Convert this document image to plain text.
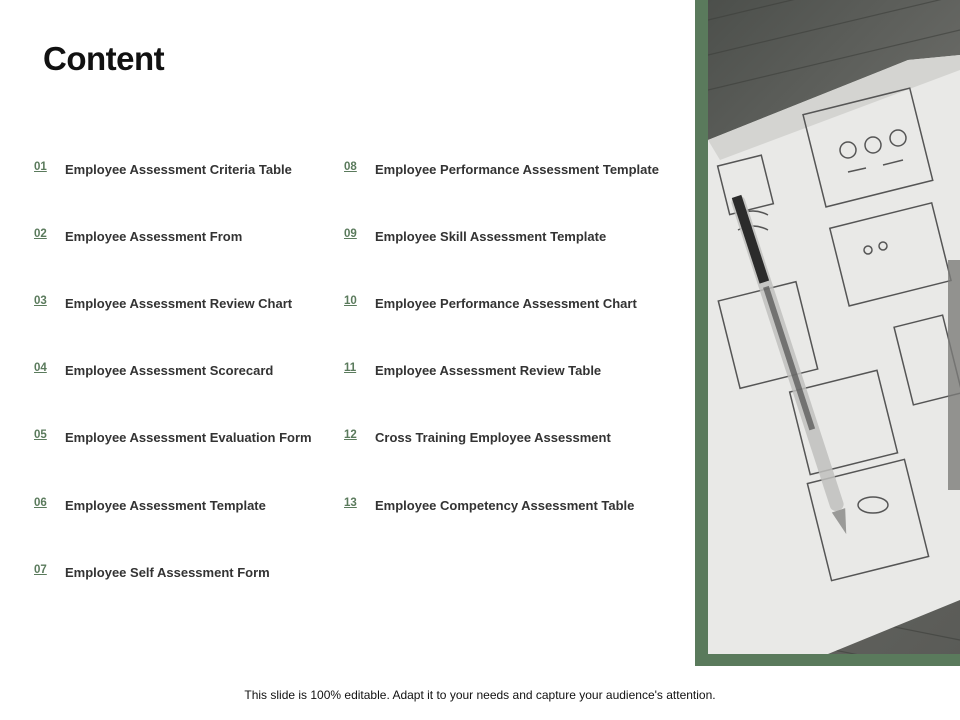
Content
01 Employee Assessment Criteria Table
02 Employee Assessment From
03 Employee Assessment Review Chart
04 Employee Assessment Scorecard
05 Employee Assessment Evaluation Form
06 Employee Assessment Template
07 Employee Self Assessment Form
08 Employee Performance Assessment Template
09 Employee Skill Assessment Template
10 Employee Performance Assessment Chart
11 Employee Assessment Review Table
12 Cross Training Employee Assessment
13 Employee Competency Assessment Table
This slide is 100% editable. Adapt it to your needs and capture your audience's attention.
